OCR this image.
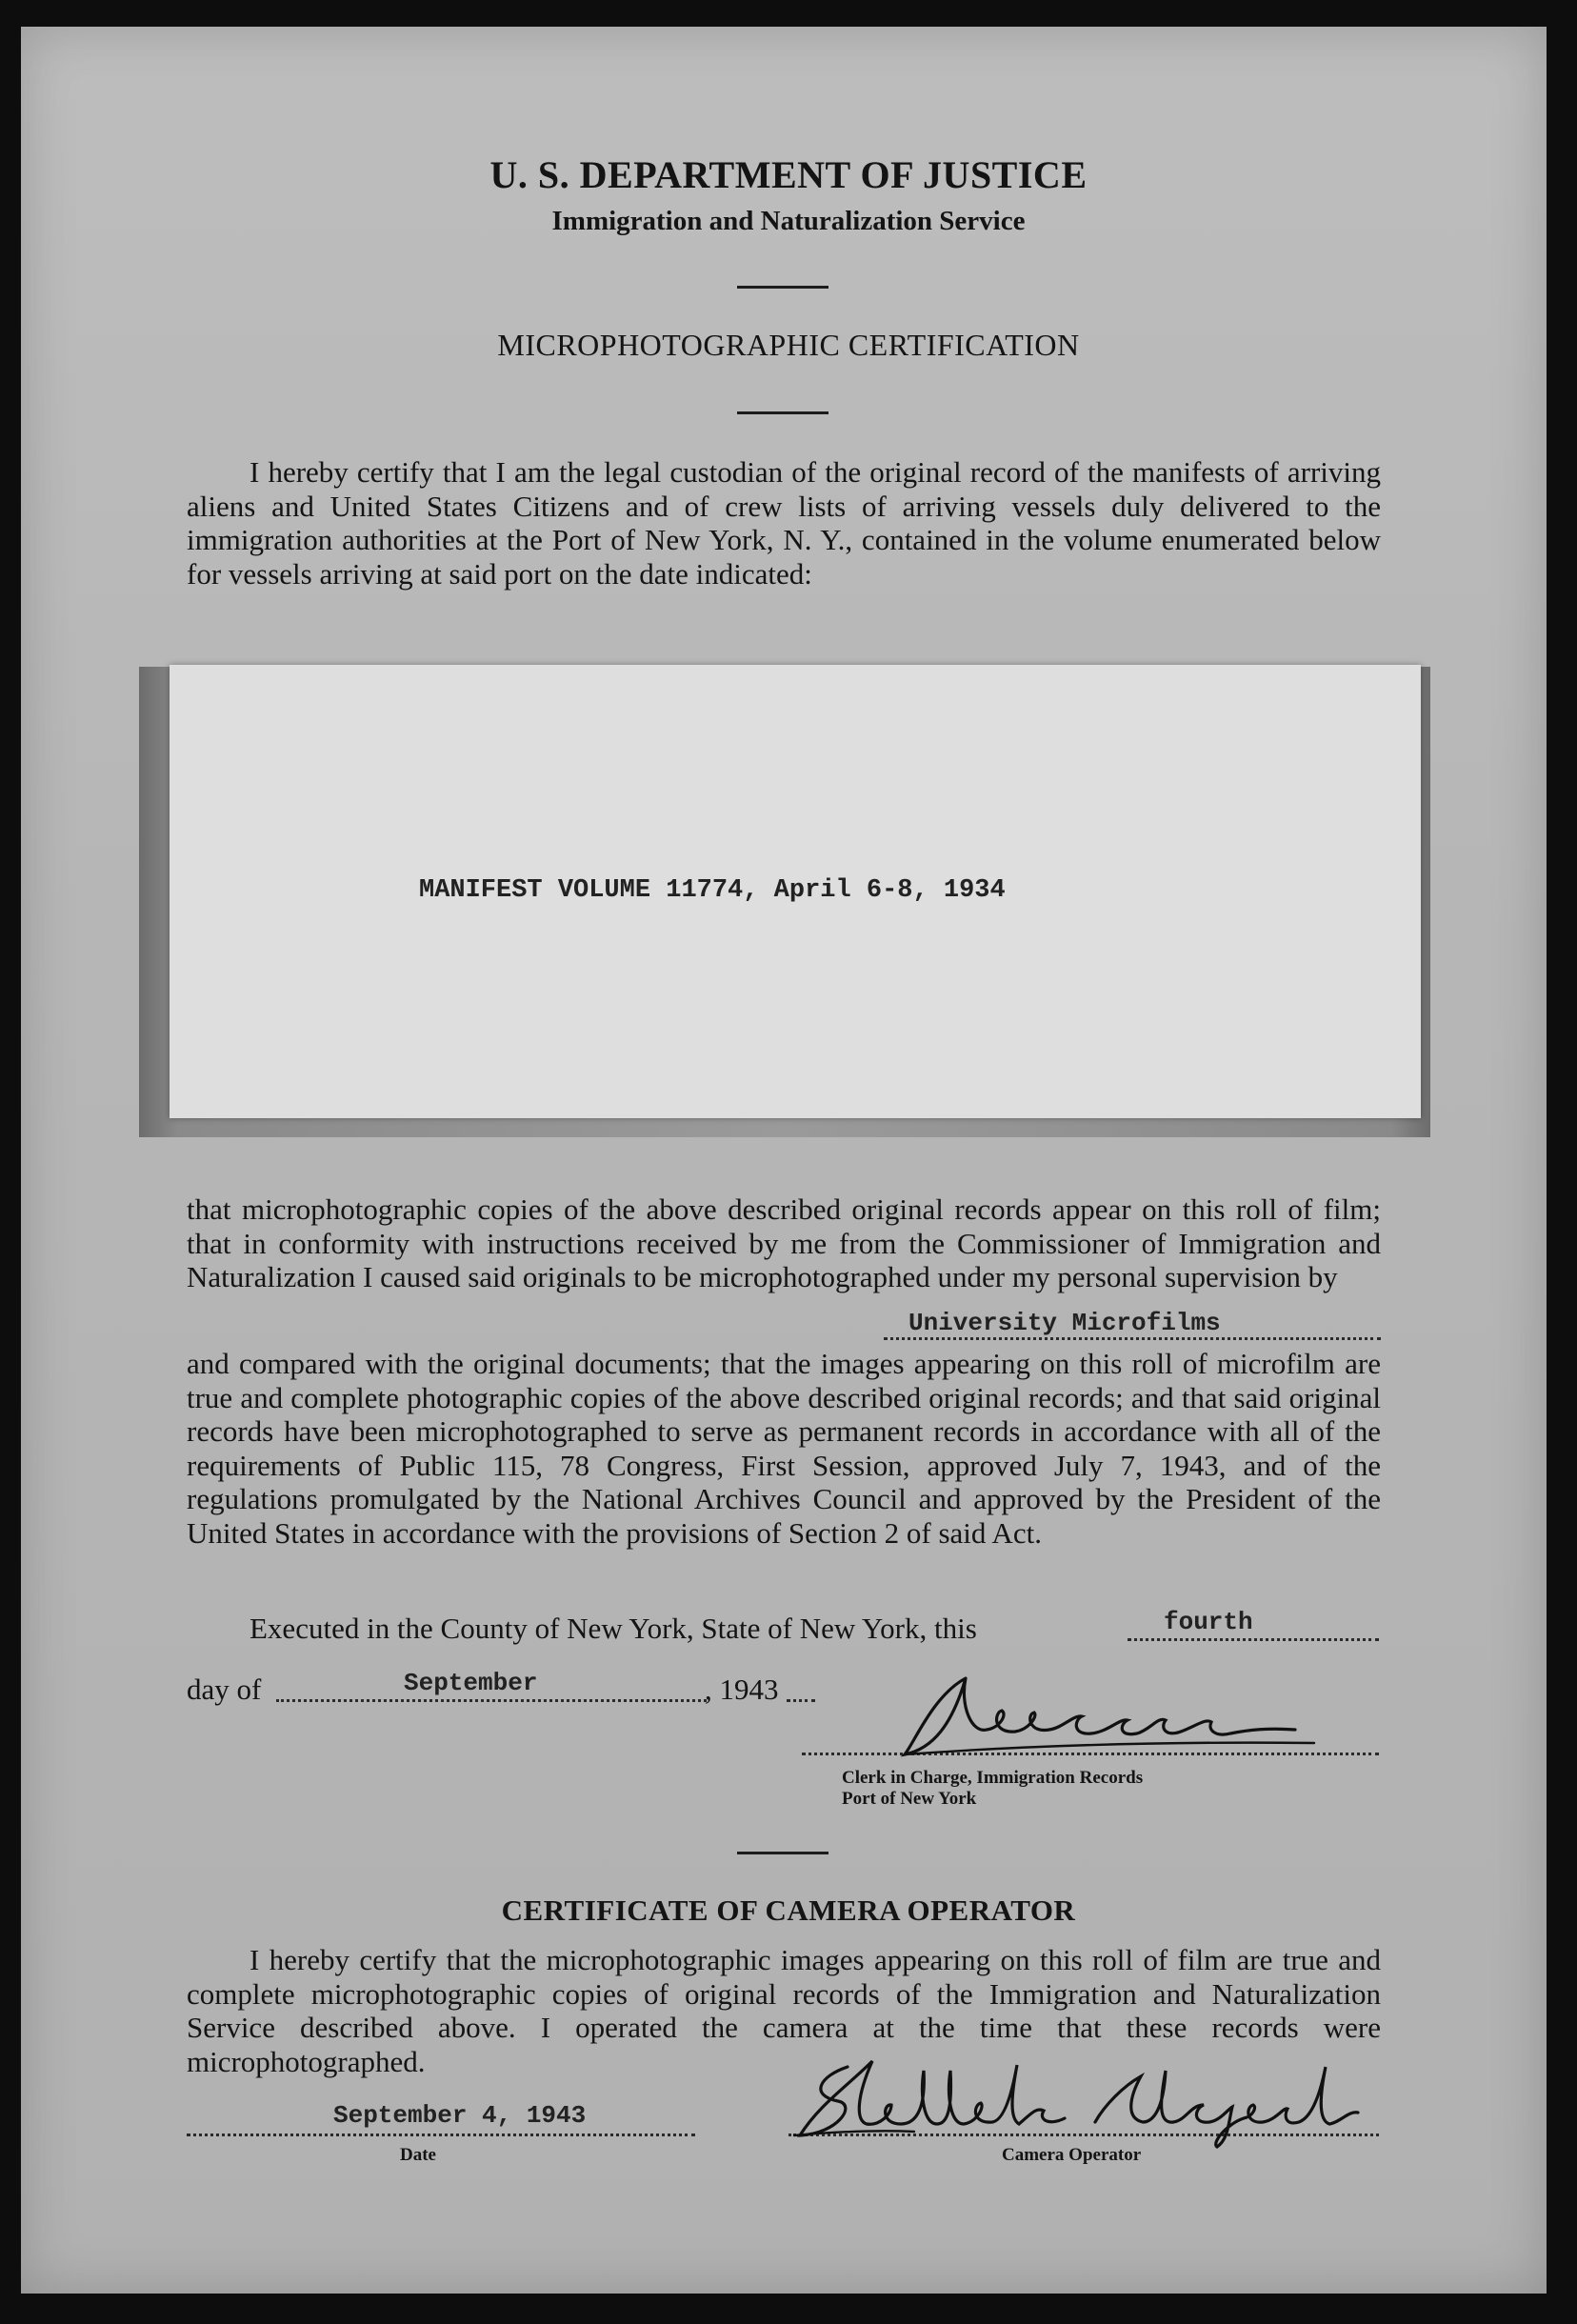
U. S. DEPARTMENT OF JUSTICE
Immigration and Naturalization Service
MICROPHOTOGRAPHIC CERTIFICATION
I hereby certify that I am the legal custodian of the original record of the manifests of arriving aliens and United States Citizens and of crew lists of arriving vessels duly delivered to the immigration authorities at the Port of New York, N. Y., contained in the volume enumerated below for vessels arriving at said port on the date indicated:
MANIFEST VOLUME 11774, April 6-8, 1934
that microphotographic copies of the above described original records appear on this roll of film; that in conformity with instructions received by me from the Commissioner of Immigration and Naturalization I caused said originals to be microphotographed under my personal supervision by
University Microfilms
and compared with the original documents; that the images appearing on this roll of microfilm are true and complete photographic copies of the above described original records; and that said original records have been microphotographed to serve as permanent records in accordance with all of the requirements of Public 115, 78 Congress, First Session, approved July 7, 1943, and of the regulations promulgated by the National Archives Council and approved by the President of the United States in accordance with the provisions of Section 2 of said Act.
Executed in the County of New York, State of New York, this	fourth
day of	September	, 1943
Clerk in Charge, Immigration Records
Port of New York
CERTIFICATE OF CAMERA OPERATOR
I hereby certify that the microphotographic images appearing on this roll of film are true and complete microphotographic copies of original records of the Immigration and Naturalization Service described above. I operated the camera at the time that these records were microphotographed.
September 4, 1943
Date	Camera Operator
